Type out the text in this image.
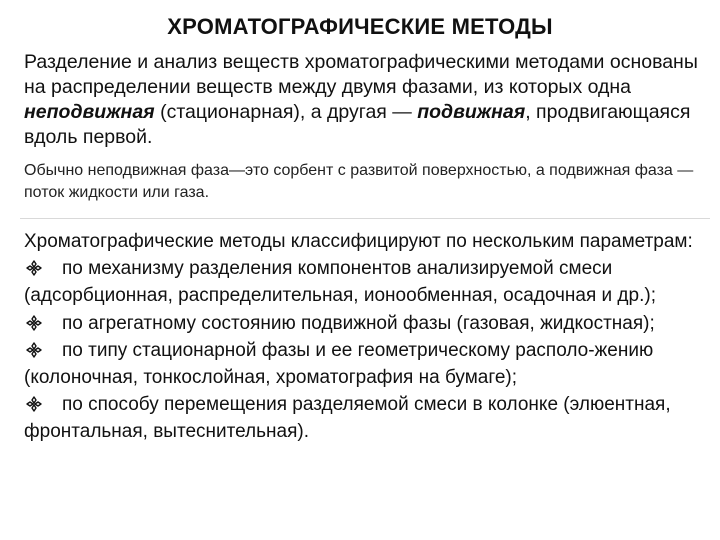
ХРОМАТОГРАФИЧЕСКИЕ МЕТОДЫ
Разделение и анализ веществ хроматографическими методами основаны на распределении веществ между двумя фазами, из которых одна неподвижная (стационарная), а другая — подвижная, продвигающаяся вдоль первой.
Обычно неподвижная фаза—это сорбент с развитой поверхностью, а подвижная фаза — поток жидкости или газа.
Хроматографические методы классифицируют по нескольким параметрам:
по механизму разделения компонентов анализируемой смеси (адсорбционная, распределительная, ионообменная, осадочная и др.);
по агрегатному состоянию подвижной фазы (газовая, жидкостная);
по типу стационарной фазы и ее геометрическому располо-жению (колоночная, тонкослойная, хроматография на бумаге);
по способу перемещения разделяемой смеси в колонке (элюентная, фронтальная, вытеснительная).
